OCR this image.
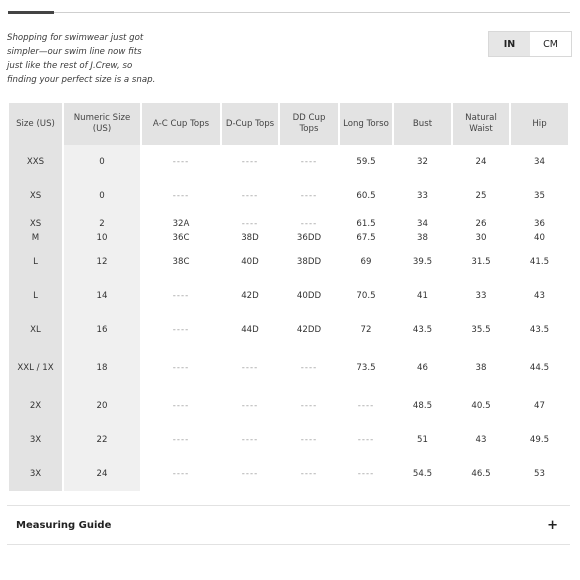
Shopping for swimwear just got
simpler—our swim line now fits
just like the rest of J.Crew, so
finding your perfect size is a snap.
IN	CM
Size (US)	Numeric Size (US)	A-C Cup Tops	D-Cup Tops	DD Cup Tops	Long Torso	Bust	Natural Waist	Hip
XXS	0	----	----	----	59.5	32	24	34
XS	0	----	----	----	60.5	33	25	35

XS	2	32A	----	----	61.5	34	26	36
M	10	36C	38D	36DD	67.5	38	30	40
L	12	38C	40D	38DD	69	39.5	31.5	41.5
L	14	----	42D	40DD	70.5	41	33	43
XL	16	----	44D	42DD	72	43.5	35.5	43.5
XXL / 1X	18	----	----	----	73.5	46	38	44.5
2X	20	----	----	----	----	48.5	40.5	47
3X	22	----	----	----	----	51	43	49.5
3X	24	----	----	----	----	54.5	46.5	53
Measuring Guide	+
